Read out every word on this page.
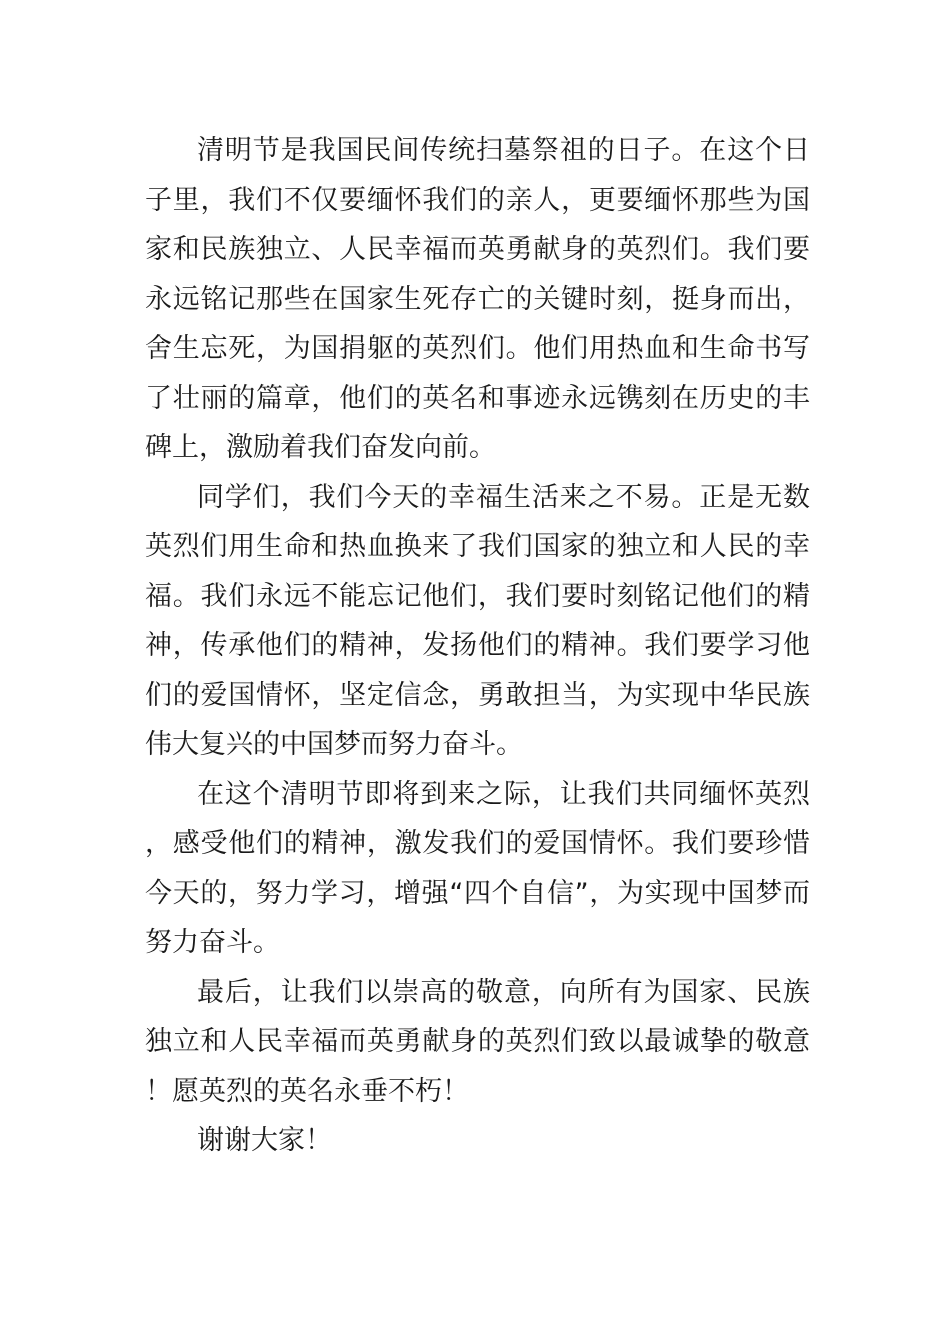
清明节是我国民间传统扫墓祭祖的日子。在这个日子里，我们不仅要缅怀我们的亲人，更要缅怀那些为国家和民族独立、人民幸福而英勇献身的英烈们。我们要永远铭记那些在国家生死存亡的关键时刻，挺身而出，舍生忘死，为国捐躯的英烈们。他们用热血和生命书写了壮丽的篇章，他们的英名和事迹永远镌刻在历史的丰碑上，激励着我们奋发向前。

同学们，我们今天的幸福生活来之不易。正是无数英烈们用生命和热血换来了我们国家的独立和人民的幸福。我们永远不能忘记他们，我们要时刻铭记他们的精神，传承他们的精神，发扬他们的精神。我们要学习他们的爱国情怀，坚定信念，勇敢担当，为实现中华民族伟大复兴的中国梦而努力奋斗。

在这个清明节即将到来之际，让我们共同缅怀英烈，感受他们的精神，激发我们的爱国情怀。我们要珍惜今天的，努力学习，增强“四个自信”，为实现中国梦而努力奋斗。

最后，让我们以崇高的敬意，向所有为国家、民族独立和人民幸福而英勇献身的英烈们致以最诚挚的敬意！愿英烈的英名永垂不朽！

谢谢大家！
